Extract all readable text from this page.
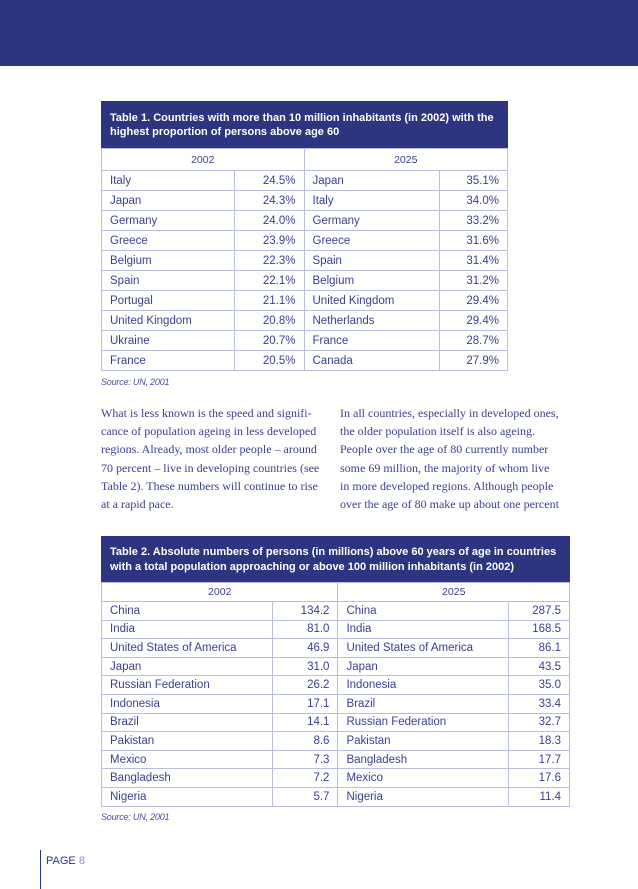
Table 1. Countries with more than 10 million inhabitants (in 2002) with the highest proportion of persons above age 60
2002		2025	
Italy	24.5%	Japan	35.1%
Japan	24.3%	Italy	34.0%
Germany	24.0%	Germany	33.2%
Greece	23.9%	Greece	31.6%
Belgium	22.3%	Spain	31.4%
Spain	22.1%	Belgium	31.2%
Portugal	21.1%	United Kingdom	29.4%
United Kingdom	20.8%	Netherlands	29.4%
Ukraine	20.7%	France	28.7%
France	20.5%	Canada	27.9%
Source: UN, 2001
What is less known is the speed and signifi-
cance of population ageing in less developed
regions. Already, most older people – around
70 percent – live in developing countries (see
Table 2). These numbers will continue to rise
at a rapid pace.
In all countries, especially in developed ones,
the older population itself is also ageing.
People over the age of 80 currently number
some 69 million, the majority of whom live
in more developed regions. Although people
over the age of 80 make up about one percent
Table 2. Absolute numbers of persons (in millions) above 60 years of age in countries with a total population approaching or above 100 million inhabitants (in 2002)
2002		2025	
China	134.2	China	287.5
India	81.0	India	168.5
United States of America	46.9	United States of America	86.1
Japan	31.0	Japan	43.5
Russian Federation	26.2	Indonesia	35.0
Indonesia	17.1	Brazil	33.4
Brazil	14.1	Russian Federation	32.7
Pakistan	8.6	Pakistan	18.3
Mexico	7.3	Bangladesh	17.7
Bangladesh	7.2	Mexico	17.6
Nigeria	5.7	Nigeria	11.4
Source: UN, 2001
PAGE 8
